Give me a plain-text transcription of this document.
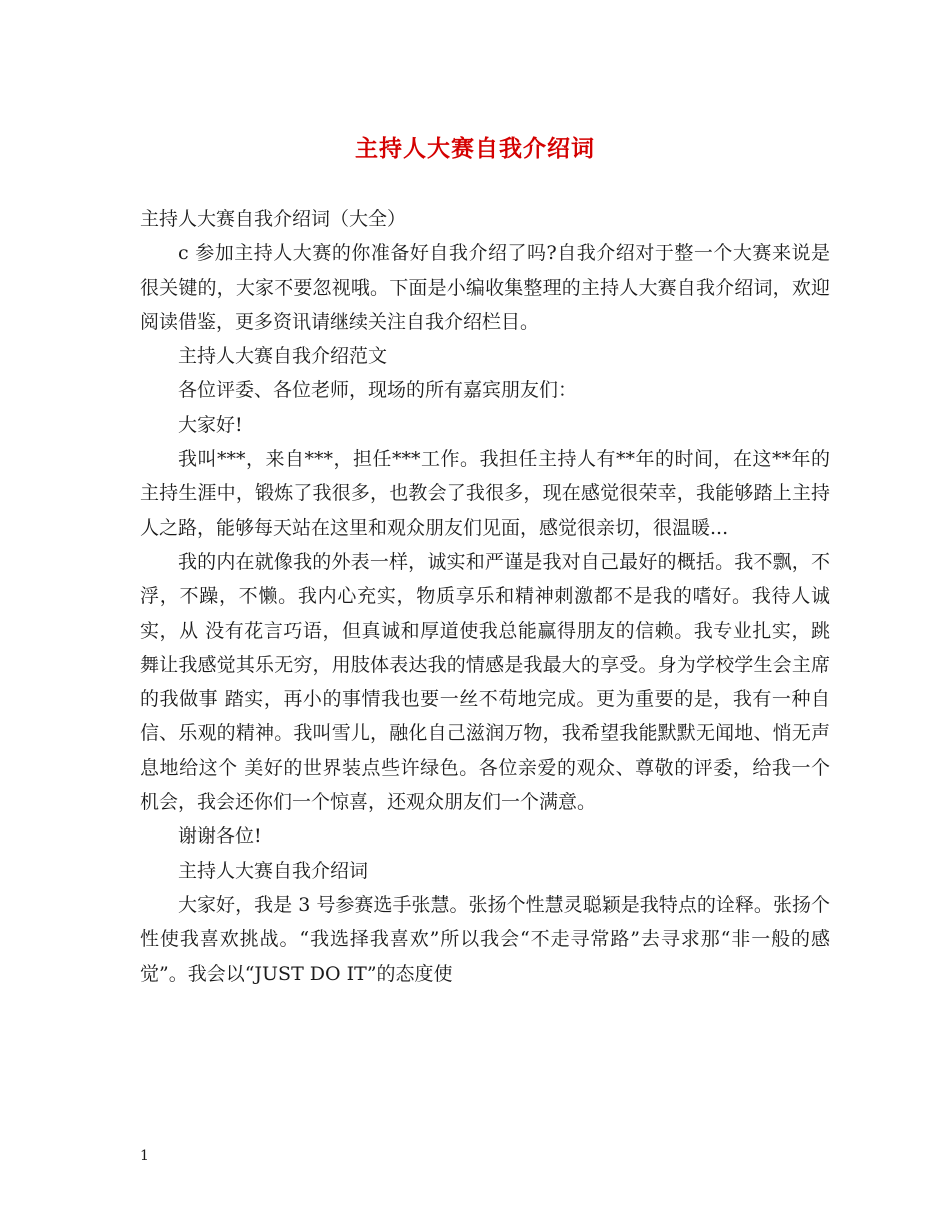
主持人大赛自我介绍词

主持人大赛自我介绍词（大全）

c 参加主持人大赛的你准备好自我介绍了吗?自我介绍对于整一个大赛来说是很关键的，大家不要忽视哦。下面是小编收集整理的主持人大赛自我介绍词，欢迎阅读借鉴，更多资讯请继续关注自我介绍栏目。

主持人大赛自我介绍范文

各位评委、各位老师，现场的所有嘉宾朋友们：

大家好!

我叫***，来自***，担任***工作。我担任主持人有**年的时间，在这**年的主持生涯中，锻炼了我很多，也教会了我很多，现在感觉很荣幸，我能够踏上主持人之路，能够每天站在这里和观众朋友们见面，感觉很亲切，很温暖...

我的内在就像我的外表一样，诚实和严谨是我对自己最好的概括。我不飘，不浮，不躁，不懒。我内心充实，物质享乐和精神刺激都不是我的嗜好。我待人诚实，从 没有花言巧语，但真诚和厚道使我总能赢得朋友的信赖。我专业扎实，跳舞让我感觉其乐无穷，用肢体表达我的情感是我最大的享受。身为学校学生会主席的我做事 踏实，再小的事情我也要一丝不苟地完成。更为重要的是，我有一种自信、乐观的精神。我叫雪儿，融化自己滋润万物，我希望我能默默无闻地、悄无声息地给这个 美好的世界装点些许绿色。各位亲爱的观众、尊敬的评委，给我一个机会，我会还你们一个惊喜，还观众朋友们一个满意。

谢谢各位!

主持人大赛自我介绍词

大家好，我是 3 号参赛选手张慧。张扬个性慧灵聪颖是我特点的诠释。张扬个性使我喜欢挑战。“我选择我喜欢”所以我会“不走寻常路”去寻求那“非一般的感觉”。我会以“JUST DO IT”的态度使

1
